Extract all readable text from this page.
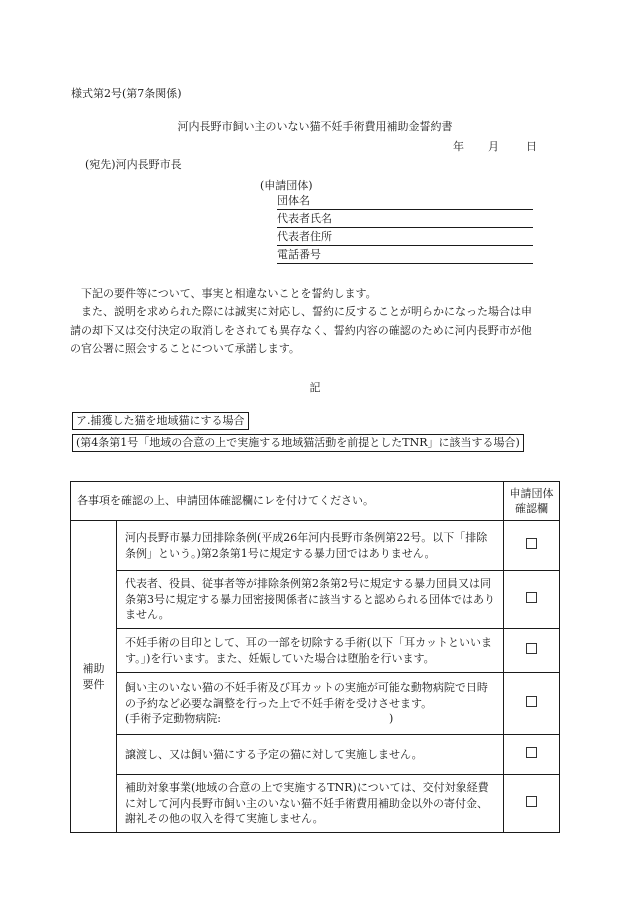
様式第2号(第7条関係)
河内長野市飼い主のいない猫不妊手術費用補助金誓約書
年 月 日
(宛先)河内長野市長
(申請団体)
団体名
代表者氏名
代表者住所
電話番号
下記の要件等について、事実と相違ないことを誓約します。
また、説明を求められた際には誠実に対応し、誓約に反することが明らかになった場合は申請の却下又は交付決定の取消しをされても異存なく、誓約内容の確認のために河内長野市が他の官公署に照会することについて承諾します。
記
ア.捕獲した猫を地域猫にする場合
(第4条第1号「地域の合意の上で実施する地域猫活動を前提としたTNR」に該当する場合)
各事項を確認の上、申請団体確認欄にレを付けてください。		申請団体
確認欄

補助
要件	河内長野市暴力団排除条例(平成26年河内長野市条例第22号。以下「排除条例」という。)第2条第1号に規定する暴力団ではありません。	
	代表者、役員、従事者等が排除条例第2条第2号に規定する暴力団員又は同条第3号に規定する暴力団密接関係者に該当すると認められる団体ではありません。	
	不妊手術の目印として、耳の一部を切除する手術(以下「耳カットといいます。」)を行います。また、妊娠していた場合は堕胎を行います。	
	飼い主のいない猫の不妊手術及び耳カットの実施が可能な動物病院で日時の予約など必要な調整を行った上で不妊手術を受けさせます。
(手術予定動物病院: )	
	譲渡し、又は飼い猫にする予定の猫に対して実施しません。	
	補助対象事業(地域の合意の上で実施するTNR)については、交付対象経費に対して河内長野市飼い主のいない猫不妊手術費用補助金以外の寄付金、謝礼その他の収入を得て実施しません。	
